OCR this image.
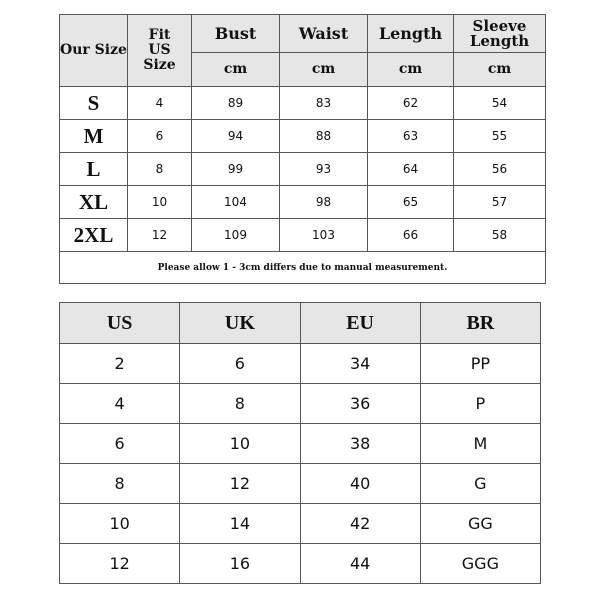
Our Size	Fit US Size	Bust	Waist	Length	Sleeve Length
		cm	cm	cm	cm
S	4	89	83	62	54
M	6	94	88	63	55
L	8	99	93	64	56
XL	10	104	98	65	57
2XL	12	109	103	66	58
Please allow 1 - 3cm differs due to manual measurement.					
US	UK	EU	BR
2	6	34	PP
4	8	36	P
6	10	38	M
8	12	40	G
10	14	42	GG
12	16	44	GGG
